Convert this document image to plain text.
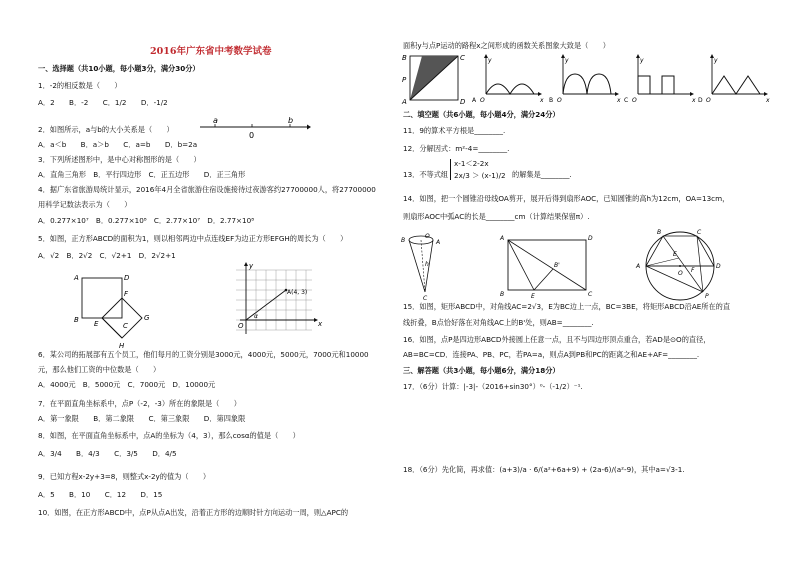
2016年广东省中考数学试卷
一、选择题（共10小题，每小题3分，满分30分）
1．-2的相反数是（　　）
A．2　　B．-2　　C．1/2　　D．-1/2
2．如图所示，a与b的大小关系是（　　）
A．a＜b　　B．a＞b　　C．a=b　　D．b=2a
a
0
b
3．下列所述图形中，是中心对称图形的是（　　）
A．直角三角形　B．平行四边形　C．正五边形　　D．正三角形
4．据广东省旅游局统计显示，2016年4月全省旅游住宿设施接待过夜游客约27700000人，将27700000
用科学记数法表示为（　　）
A．0.277×10⁷　B．0.277×10⁸　C．2.77×10⁷　D．2.77×10⁸
5．如图，正方形ABCD的面积为1，则以相邻两边中点连线EF为边正方形EFGH的周长为（　　）
A．√2　B．2√2　C．√2+1　D．2√2+1
A	D
B
C
E
F
G
H
y
x
O
α
A(4, 3)
6．某公司的拓展部有五个员工，他们每月的工资分别是3000元，4000元，5000元，7000元和10000
元，那么他们工资的中位数是（　　）
A．4000元　B．5000元　C．7000元　D．10000元
7．在平面直角坐标系中，点P（-2，-3）所在的象限是（　　）
A．第一象限　　B．第二象限　　C．第三象限　　D．第四象限
8．如图，在平面直角坐标系中，点A的坐标为（4，3），那么cosα的值是（　　）
A．3/4　　B．4/3　　C．3/5　　D．4/5
9．已知方程x-2y+3=8，则整式x-2y的值为（　　）
A．5　　B．10　　C．12　　D．15
10．如图，在正方形ABCD中，点P从点A出发，沿着正方形的边顺时针方向运动一周，则△APC的
面积y与点P运动的路程x之间形成的函数关系图象大致是（　　）
B	C
P
A	D
y
x
O
A
y
x
O
B
y
x
O
C
y
x
O
D
二、填空题（共6小题，每小题4分，满分24分）
11．9的算术平方根是________.
12．分解因式：m²-4=________.
13．不等式组
x-1＜2-2x
2x/3 ＞ (x-1)/2 的解集是________.
14．如图，把一个圆锥沿母线OA剪开，展开后得到扇形AOC，已知圆锥的高h为12cm，OA=13cm，
则扇形AOC中弧AC的长是________cm（计算结果保留π）.
B
O
h
A
C
A	D
B	C
B'
E
A
P
B
D
C
E
F
O
15．如图，矩形ABCD中，对角线AC=2√3，E为BC边上一点，BC=3BE，将矩形ABCD沿AE所在的直
线折叠，B点恰好落在对角线AC上的B'处，则AB=________.
16．如图，点P是四边形ABCD外接圆上任意一点，且不与四边形顶点重合，若AD是⊙O的直径，
AB=BC=CD．连接PA、PB、PC，若PA=a，则点A到PB和PC的距离之和AE+AF=________.
三、解答题（共3小题，每小题6分，满分18分）
17．（6分）计算：|-3|-（2016+sin30°）⁰-（-1/2）⁻¹.
18．（6分）先化简，再求值：(a+3)/a · 6/(a²+6a+9) + (2a-6)/(a²-9)，其中a=√3-1.
